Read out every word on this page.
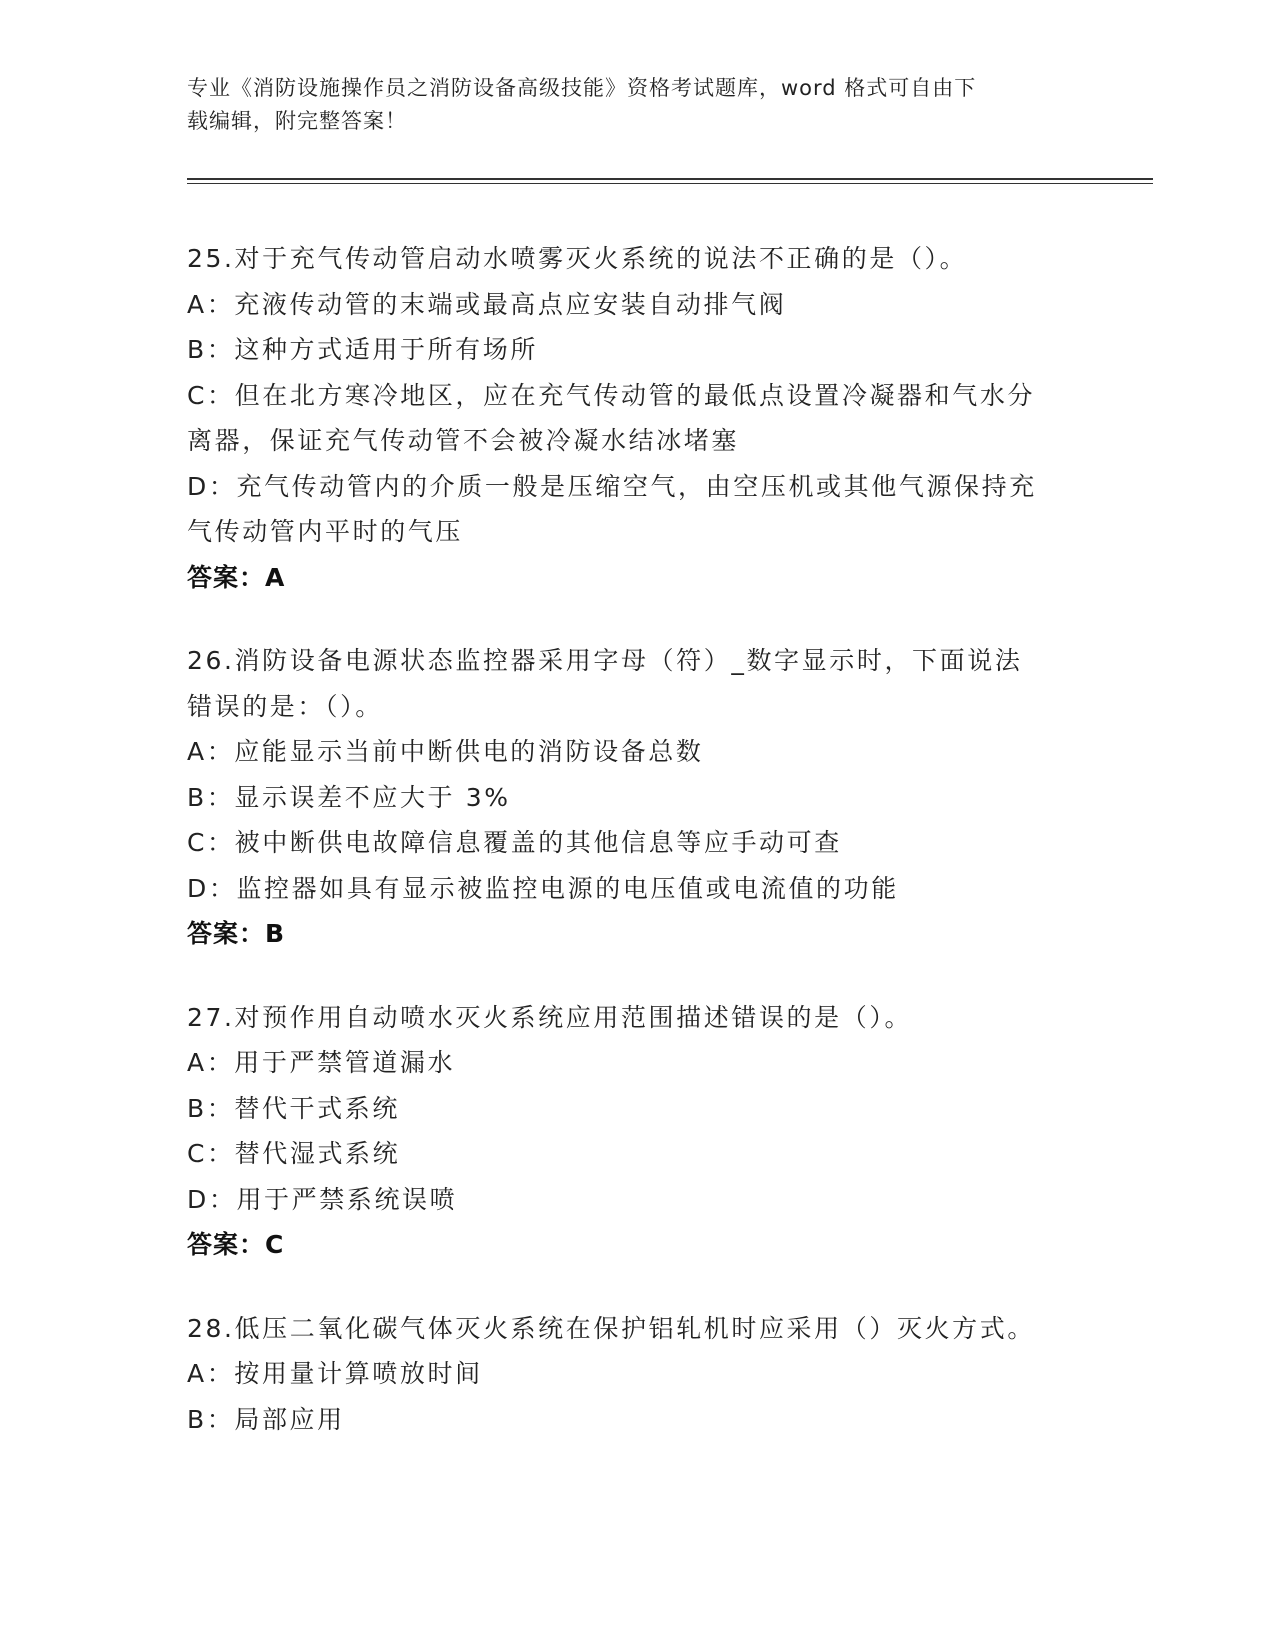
专业《消防设施操作员之消防设备高级技能》资格考试题库，word 格式可自由下
载编辑，附完整答案！
25.对于充气传动管启动水喷雾灭火系统的说法不正确的是（）。
A：充液传动管的末端或最高点应安装自动排气阀
B：这种方式适用于所有场所
C：但在北方寒冷地区，应在充气传动管的最低点设置冷凝器和气水分
离器，保证充气传动管不会被冷凝水结冰堵塞
D：充气传动管内的介质一般是压缩空气，由空压机或其他气源保持充
气传动管内平时的气压
答案：A
26.消防设备电源状态监控器采用字母（符）_数字显示时，下面说法
错误的是：（）。
A：应能显示当前中断供电的消防设备总数
B：显示误差不应大于 3%
C：被中断供电故障信息覆盖的其他信息等应手动可查
D：监控器如具有显示被监控电源的电压值或电流值的功能
答案：B
27.对预作用自动喷水灭火系统应用范围描述错误的是（）。
A：用于严禁管道漏水
B：替代干式系统
C：替代湿式系统
D：用于严禁系统误喷
答案：C
28.低压二氧化碳气体灭火系统在保护铝轧机时应采用（）灭火方式。
A：按用量计算喷放时间
B：局部应用
